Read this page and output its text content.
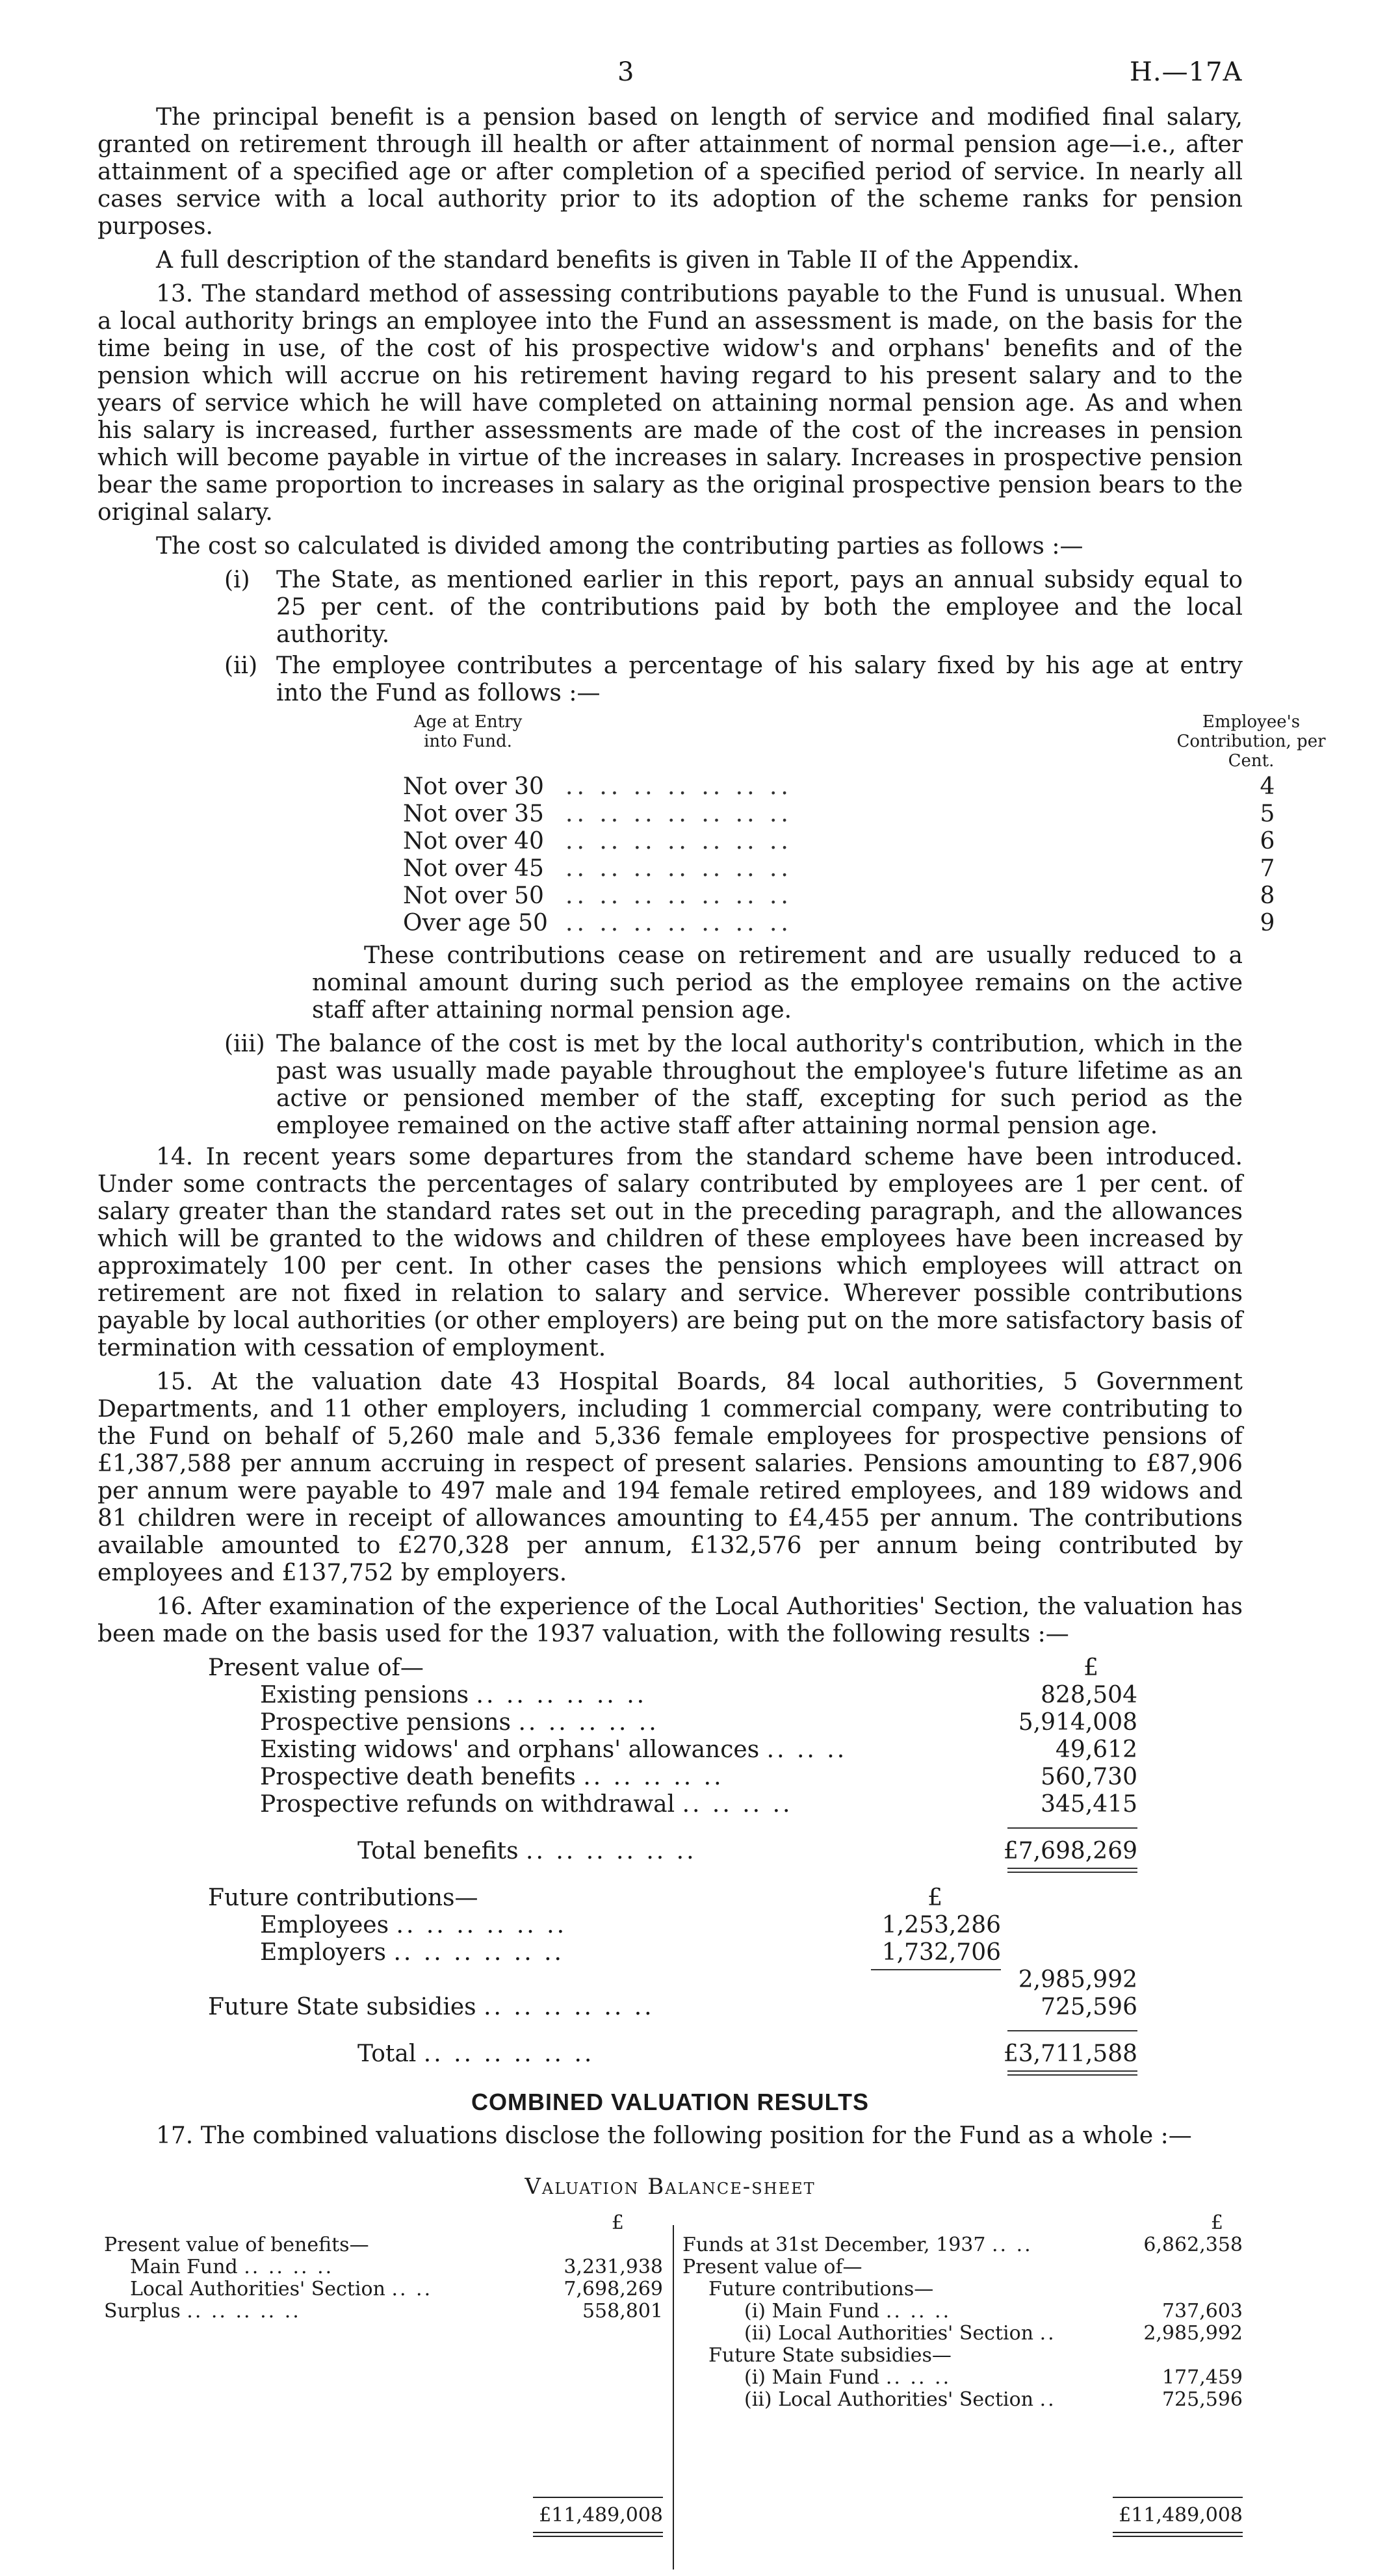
3	H.—17A

The principal benefit is a pension based on length of service and modified final salary, granted on retirement through ill health or after attainment of normal pension age—i.e., after attainment of a specified age or after completion of a specified period of service. In nearly all cases service with a local authority prior to its adoption of the scheme ranks for pension purposes.

A full description of the standard benefits is given in Table II of the Appendix.

13. The standard method of assessing contributions payable to the Fund is unusual. When a local authority brings an employee into the Fund an assessment is made, on the basis for the time being in use, of the cost of his prospective widow's and orphans' benefits and of the pension which will accrue on his retirement having regard to his present salary and to the years of service which he will have completed on attaining normal pension age. As and when his salary is increased, further assessments are made of the cost of the increases in pension which will become payable in virtue of the increases in salary. Increases in prospective pension bear the same proportion to increases in salary as the original prospective pension bears to the original salary.

The cost so calculated is divided among the contributing parties as follows :—

(i)	The State, as mentioned earlier in this report, pays an annual subsidy equal to 25 per cent. of the contributions paid by both the employee and the local authority.
(ii) The employee contributes a percentage of his salary fixed by his age at entry into the Fund as follows :—
Age at Entry into Fund.
Employee's Contribution, per Cent.
Not over 30 .. .. .. .. .. .. ..	4
Not over 35 .. .. .. .. .. .. ..	5
Not over 40 .. .. .. .. .. .. ..	6
Not over 45 .. .. .. .. .. .. ..	7
Not over 50 .. .. .. .. .. .. ..	8
Over age 50 .. .. .. .. .. .. ..	9

These contributions cease on retirement and are usually reduced to a nominal amount during such period as the employee remains on the active staff after attaining normal pension age.

(iii) The balance of the cost is met by the local authority's contribution, which in the past was usually made payable throughout the employee's future lifetime as an active or pensioned member of the staff, excepting for such period as the employee remained on the active staff after attaining normal pension age.

14. In recent years some departures from the standard scheme have been introduced. Under some contracts the percentages of salary contributed by employees are 1 per cent. of salary greater than the standard rates set out in the preceding paragraph, and the allowances which will be granted to the widows and children of these employees have been increased by approximately 100 per cent. In other cases the pensions which employees will attract on retirement are not fixed in relation to salary and service. Wherever possible contributions payable by local authorities (or other employers) are being put on the more satisfactory basis of termination with cessation of employment.

15. At the valuation date 43 Hospital Boards, 84 local authorities, 5 Government Departments, and 11 other employers, including 1 commercial company, were contributing to the Fund on behalf of 5,260 male and 5,336 female employees for prospective pensions of £1,387,588 per annum accruing in respect of present salaries. Pensions amounting to £87,906 per annum were payable to 497 male and 194 female retired employees, and 189 widows and 81 children were in receipt of allowances amounting to £4,455 per annum. The contributions available amounted to £270,328 per annum, £132,576 per annum being contributed by employees and £137,752 by employers.

16. After examination of the experience of the Local Authorities' Section, the valuation has been made on the basis used for the 1937 valuation, with the following results :—

Present value of—	£
Existing pensions .. .. .. .. .. ..	828,504
Prospective pensions .. .. .. .. ..	5,914,008
Existing widows' and orphans' allowances .. .. ..	49,612
Prospective death benefits .. .. .. .. ..	560,730
Prospective refunds on withdrawal .. .. .. ..	345,415
Total benefits .. .. .. .. .. ..	£7,698,269
Future contributions—	£
Employees .. .. .. .. .. ..	1,253,286
Employers .. .. .. .. .. ..	1,732,706
2,985,992
Future State subsidies .. .. .. .. .. ..	725,596
Total .. .. .. .. .. ..	£3,711,588
COMBINED VALUATION RESULTS

17. The combined valuations disclose the following position for the Fund as a whole :—

Valuation Balance-sheet
£
Present value of benefits—
Main Fund .. .. .. ..	3,231,938
Local Authorities' Section .. ..	7,698,269
Surplus .. .. .. .. ..	558,801
£11,489,008
£
Funds at 31st December, 1937 .. ..	6,862,358
Present value of—
Future contributions—
(i) Main Fund .. .. ..	737,603
(ii) Local Authorities' Section ..	2,985,992
Future State subsidies—
(i) Main Fund .. .. ..	177,459
(ii) Local Authorities' Section ..	725,596
£11,489,008
